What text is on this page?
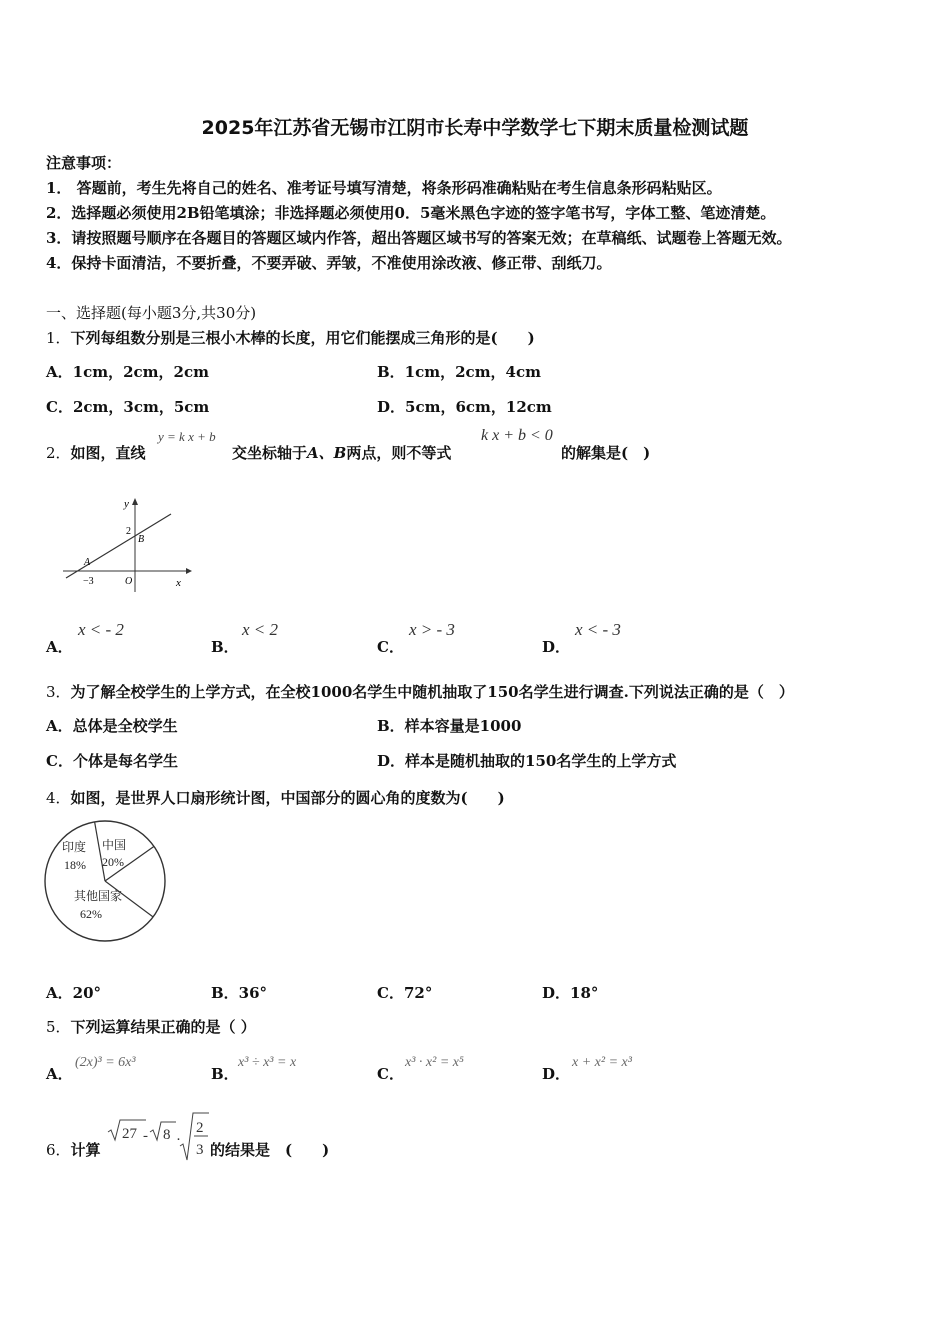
2025年江苏省无锡市江阴市长寿中学数学七下期末质量检测试题
注意事项：
1． 答题前，考生先将自己的姓名、准考证号填写清楚，将条形码准确粘贴在考生信息条形码粘贴区。
2．选择题必须使用2B铅笔填涂；非选择题必须使用0．5毫米黑色字迹的签字笔书写，字体工整、笔迹清楚。
3．请按照题号顺序在各题目的答题区域内作答，超出答题区域书写的答案无效；在草稿纸、试题卷上答题无效。
4．保持卡面清洁，不要折叠，不要弄破、弄皱，不准使用涂改液、修正带、刮纸刀。
一、选择题(每小题3分,共30分)
1．下列每组数分别是三根小木棒的长度，用它们能摆成三角形的是(　　)
A．1cm，2cm，2cm	B．1cm，2cm，4cm
C．2cm，3cm，5cm	D．5cm，6cm，12cm
2．如图，直线
y = k x + b
交坐标轴于A、B两点，则不等式
k x + b < 0
的解集是(　)
y
x
O
A
B
2
−3
A．
x < - 2
B．
x < 2
C．
x > - 3
D．
x < - 3
3．为了解全校学生的上学方式，在全校1000名学生中随机抽取了150名学生进行调查.下列说法正确的是（　）
A．总体是全校学生	B．样本容量是1000
C．个体是每名学生	D．样本是随机抽取的150名学生的上学方式
4．如图，是世界人口扇形统计图，中国部分的圆心角的度数为(　　)
印度
18%
中国
20%
其他国家
62%
A．20°	B．36°	C．72°	D．18°
5．下列运算结果正确的是（ ）
A．
(2x)³ = 6x³
B．
x³ ÷ x³ = x
C．
x³ · x² = x⁵
D．
x + x² = x³
6．计算
27 - 8 ·
2
3 的结果是　(　　)
